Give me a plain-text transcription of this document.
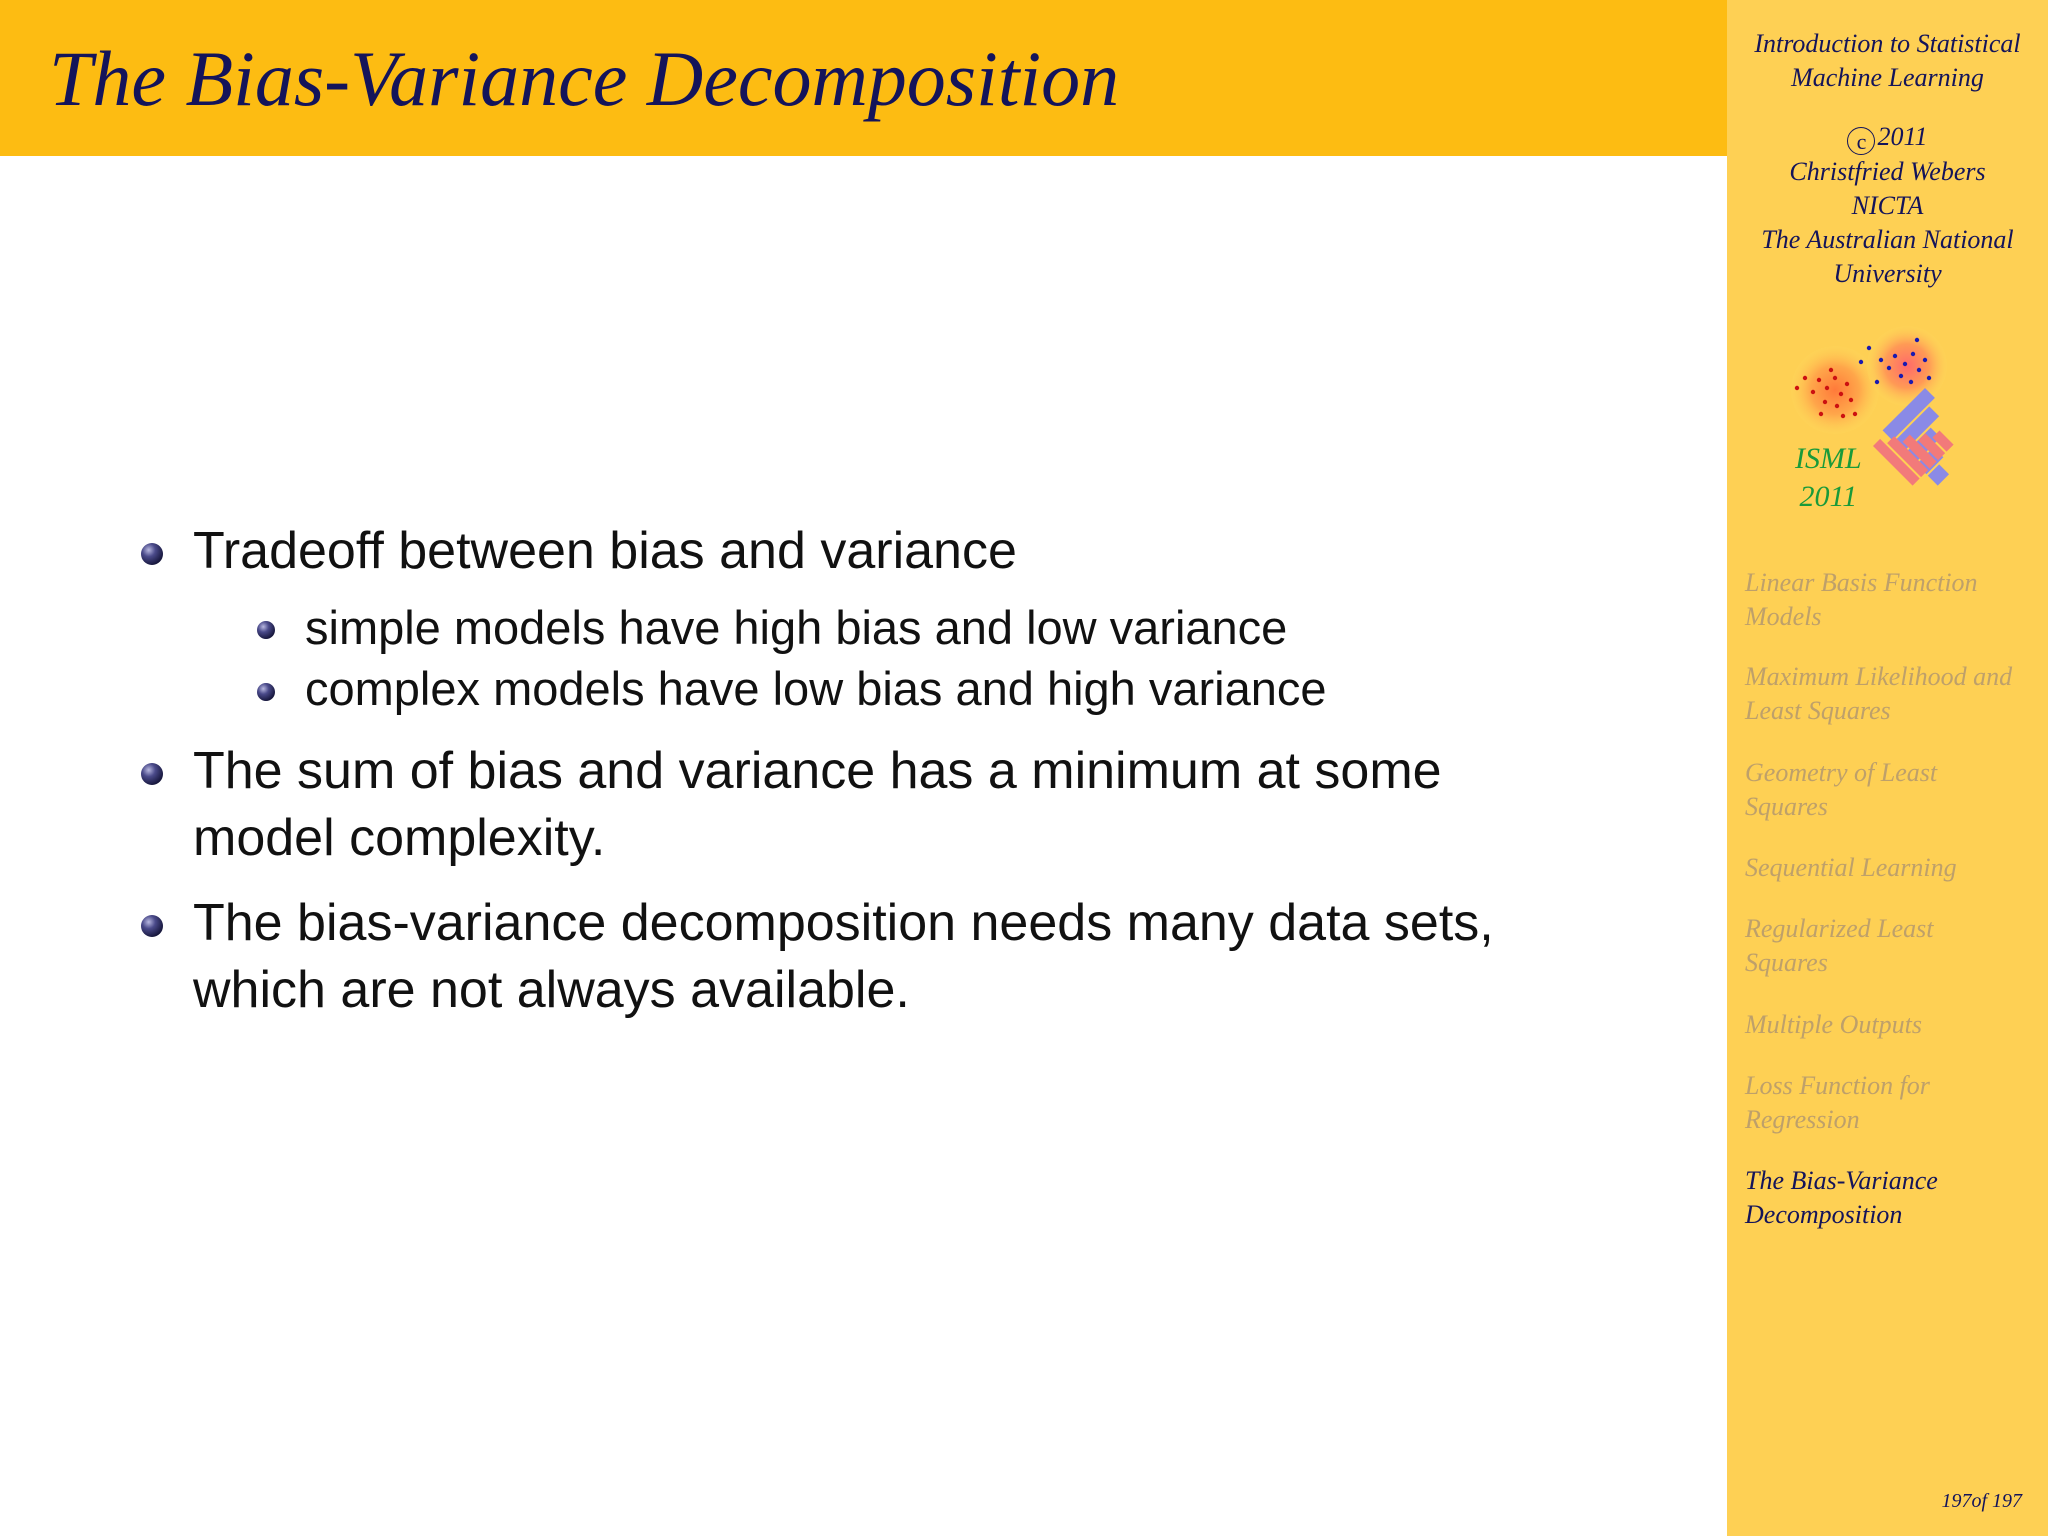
The Bias-Variance Decomposition
Tradeoff between bias and variance
simple models have high bias and low variance
complex models have low bias and high variance
The sum of bias and variance has a minimum at some
model complexity.
The bias-variance decomposition needs many data sets,
which are not always available.
Introduction to Statistical
Machine Learning
c 2011
Christfried Webers
NICTA
The Australian National
University
ISML
2011
Linear Basis Function
Models
Maximum Likelihood and
Least Squares
Geometry of Least
Squares
Sequential Learning
Regularized Least
Squares
Multiple Outputs
Loss Function for
Regression
The Bias-Variance
Decomposition
197of 197
